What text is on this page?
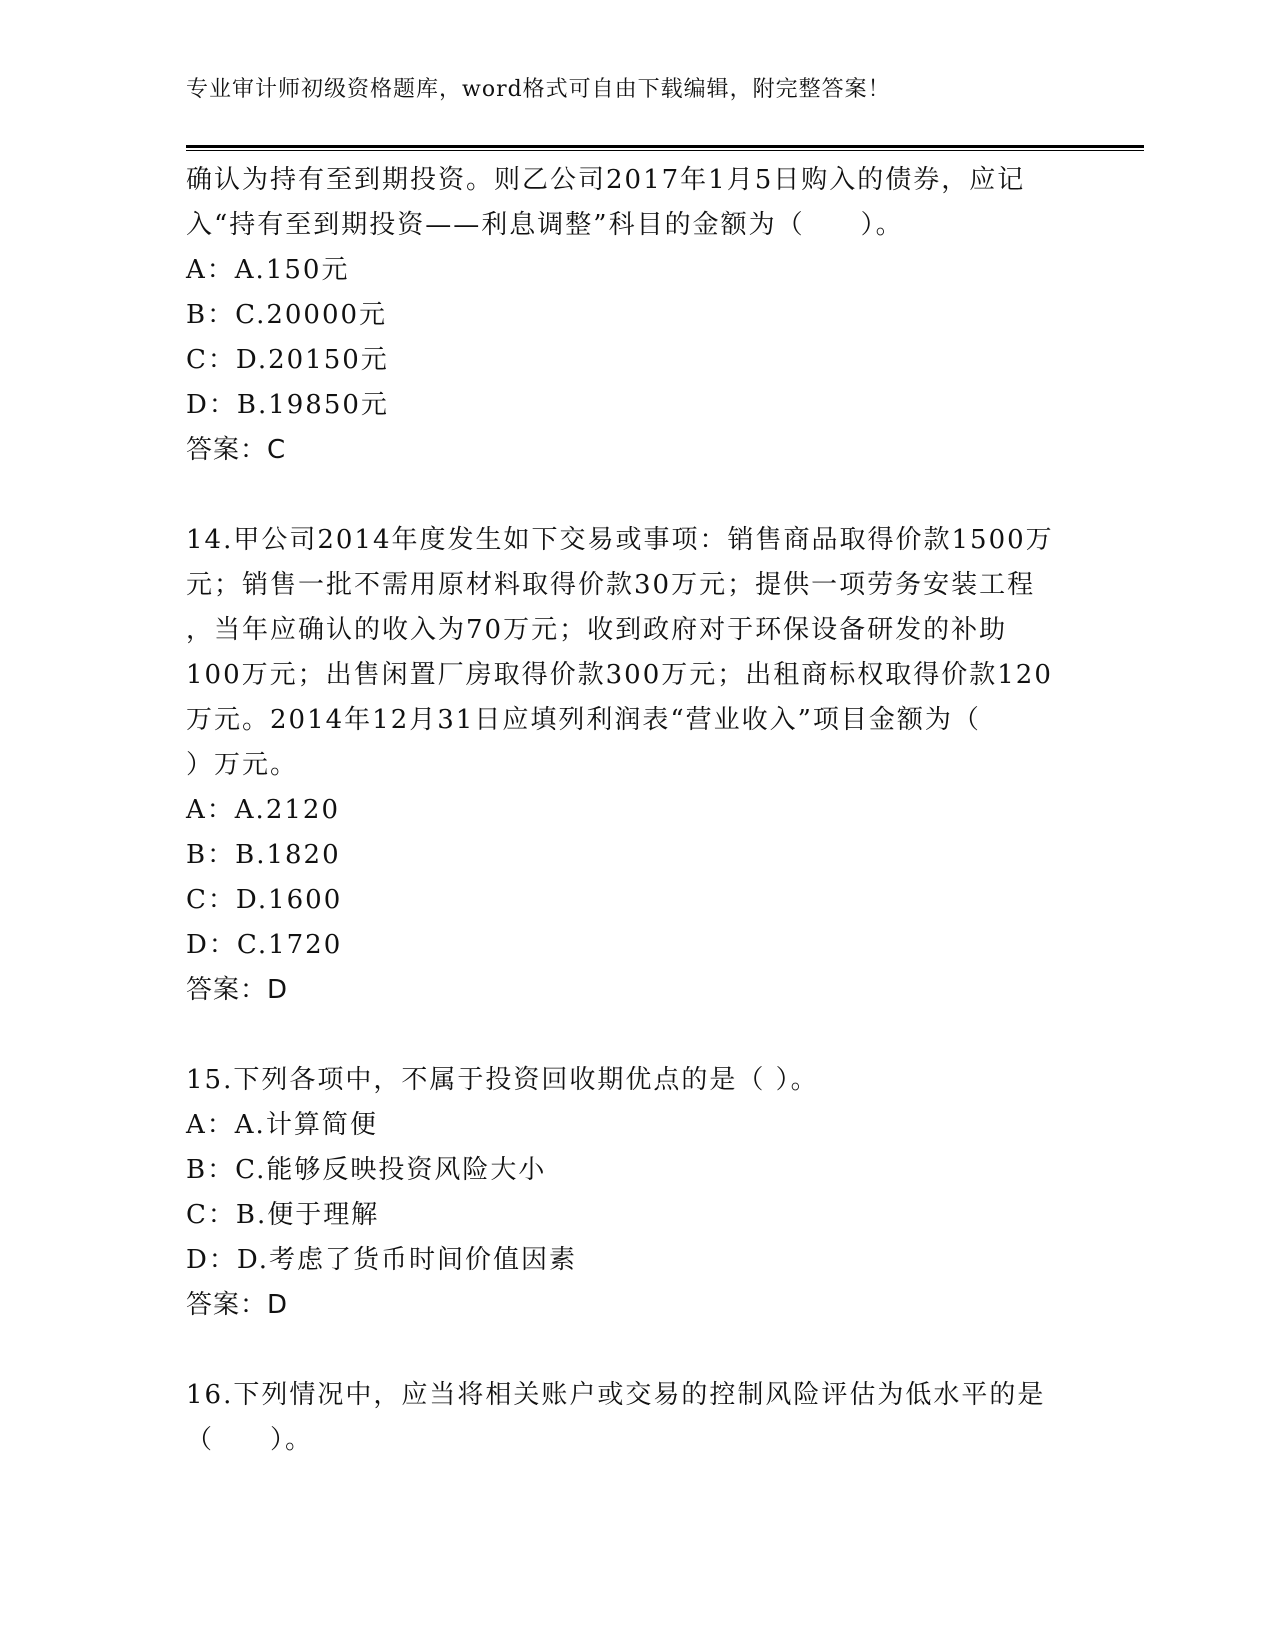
专业审计师初级资格题库，word格式可自由下载编辑，附完整答案！
确认为持有至到期投资。则乙公司2017年1月5日购入的债券，应记
入“持有至到期投资——利息调整”科目的金额为（　　）。
A：A.150元
B：C.20000元
C：D.20150元
D：B.19850元
答案：C
14.甲公司2014年度发生如下交易或事项：销售商品取得价款1500万
元；销售一批不需用原材料取得价款30万元；提供一项劳务安装工程
，当年应确认的收入为70万元；收到政府对于环保设备研发的补助
100万元；出售闲置厂房取得价款300万元；出租商标权取得价款120
万元。2014年12月31日应填列利润表“营业收入”项目金额为（
）万元。
A：A.2120
B：B.1820
C：D.1600
D：C.1720
答案：D
15.下列各项中，不属于投资回收期优点的是（ ）。
A：A.计算简便
B：C.能够反映投资风险大小
C：B.便于理解
D：D.考虑了货币时间价值因素
答案：D
16.下列情况中，应当将相关账户或交易的控制风险评估为低水平的是
（　　）。
